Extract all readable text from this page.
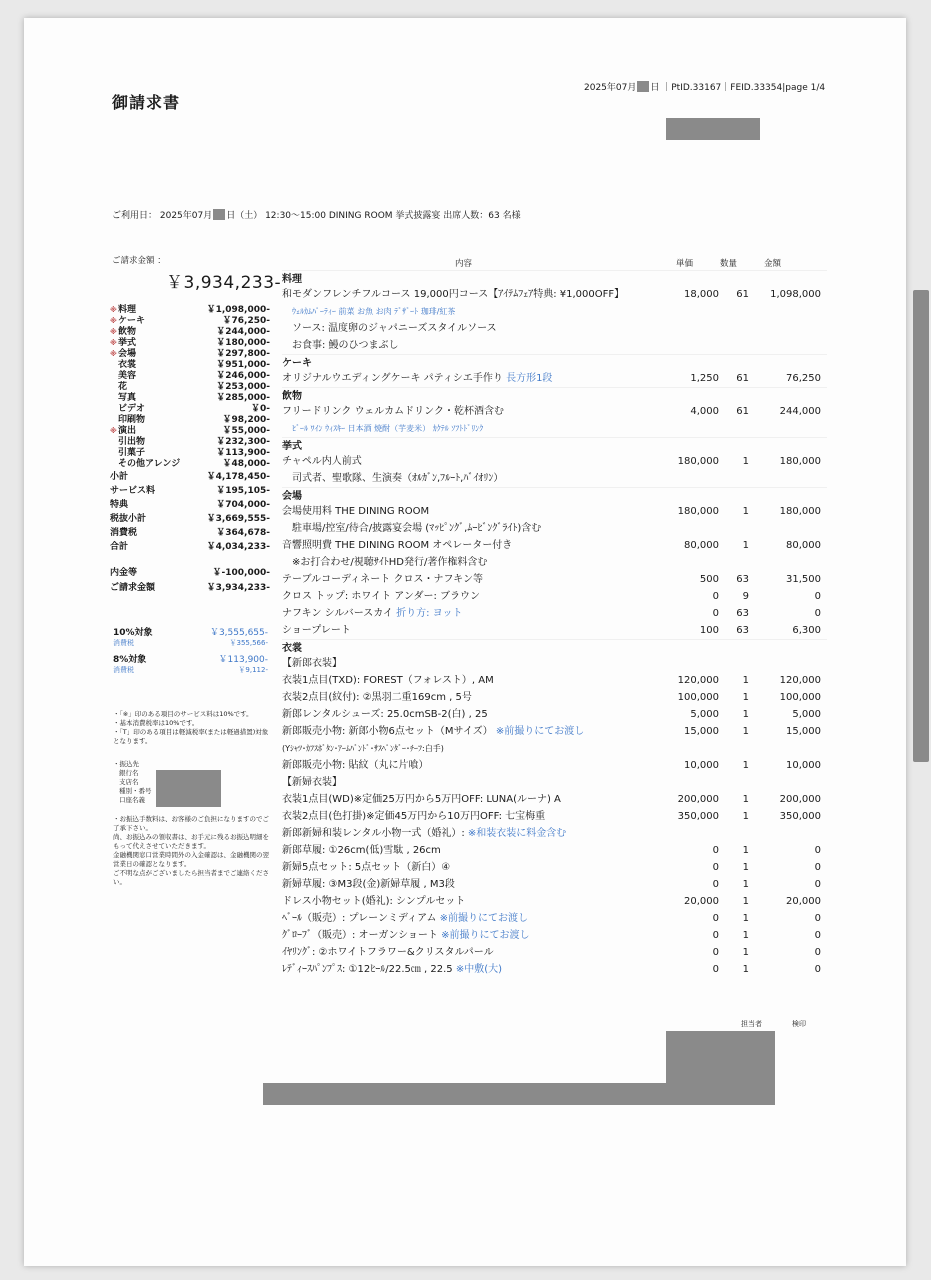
御請求書
2025年07月 日 ｜PtID.33167｜FEID.33354|page 1/4
ご利用日： 2025年07月 日（土） 12:30～15:00 DINING ROOM 挙式披露宴 出席人数：63 名様
ご請求金額 ：
￥3,934,233-
※料理	￥1,098,000-
※ケーキ	￥76,250-
※飲物	￥244,000-
※挙式	￥180,000-
※会場	￥297,800-
衣裳	￥951,000-
美容	￥246,000-
花	￥253,000-
写真	￥285,000-
ビデオ	￥0-
印刷物	￥98,200-
※演出	￥55,000-
引出物	￥232,300-
引菓子	￥113,900-
その他アレンジ	￥48,000-
小計	￥4,178,450-
サービス料	￥195,105-
特典	￥704,000-
税抜小計	￥3,669,555-
消費税	￥364,678-
合計	￥4,034,233-
内金等	￥-100,000-
ご請求金額	￥3,934,233-
10%対象	￥3,555,655-
消費税	￥355,566-
8%対象	￥113,900-
消費税	￥9,112-
・「※」印のある項目のサービス料は10%です。
・基本消費税率は10%です。
・「T」印のある項目は軽減税率(または軽過措置)対象となります。
・振込先
銀行名
支店名
種別・番号
口座名義
・お振込手数料は、お客様のご負担になりますのでご了承下さい。
尚、お振込みの領収書は、お手元に残るお振込明細をもって代えさせていただきます。
金融機関窓口営業時間外の入金確認は、金融機関の翌営業日の確認となります。
ご不明な点がございましたら担当者までご連絡ください。
内容	単価	数量	金額
料理
和モダンフレンチフルコース 19,000円コース【ｱｲﾃﾑﾌｪｱ特典: ¥1,000OFF】	18,000 61 1,098,000
ｳｪﾙｶﾑﾊﾟｰﾃｨｰ 前菜 お魚 お肉 ﾃﾞｻﾞｰﾄ 珈琲/紅茶
ソース: 温度卵のジャパニーズスタイルソース
お食事: 鰻のひつまぶし
ケーキ
オリジナルウエディングケーキ パティシエ手作り 長方形1段	1,250 61	76,250
飲物
フリードリンク ウェルカムドリンク・乾杯酒含む	4,000 61	244,000
ﾋﾞｰﾙ ﾜｲﾝ ｳｨｽｷｰ 日本酒 焼酎（芋麦米） ｶｸﾃﾙ ｿﾌﾄﾄﾞﾘﾝｸ
挙式
チャペル内人前式	180,000 1	180,000
司式者、聖歌隊、生演奏（ｵﾙｶﾞﾝ,ﾌﾙｰﾄ,ﾊﾞｲｵﾘﾝ）
会場
会場使用料 THE DINING ROOM	180,000 1	180,000
駐車場/控室/待合/披露宴会場 (ﾏｯﾋﾟﾝｸﾞ,ﾑｰﾋﾞﾝｸﾞﾗｲﾄ)含む
音響照明費 THE DINING ROOM オペレーター付き	80,000 1	80,000
※お打合わせ/視聴ｻｲﾄHD発行/著作権料含む
テーブルコーディネート クロス・ナフキン等	500 63	31,500
クロス トップ: ホワイト アンダー: ブラウン	0 9	0
ナフキン シルバースカイ 折り方: ヨット	0 63	0
ショープレート	100 63	6,300
衣裳
【新郎衣装】
衣装1点目(TXD): FOREST（フォレスト）, AM	120,000 1	120,000
衣装2点目(紋付): ②黒羽二重169cm , 5号	100,000 1	100,000
新郎レンタルシューズ: 25.0cmSB-2(白) , 25	5,000 1	5,000
新郎販売小物: 新郎小物6点セット（Mサイズ） ※前撮りにてお渡し	15,000 1	15,000
(Yｼｬﾂ･ｶﾌｽﾎﾞﾀﾝ･ｱｰﾑﾊﾞﾝﾄﾞ･ｻｽﾍﾟﾝﾀﾞｰ･ﾁｰﾌ:白手)
新郎販売小物: 貼紋（丸に片喰）	10,000 1	10,000
【新婦衣装】
衣装1点目(WD)※定価25万円から5万円OFF: LUNA(ルーナ) A	200,000 1	200,000
衣装2点目(色打掛)※定価45万円から10万円OFF: 七宝梅重	350,000 1	350,000
新郎新婦和装レンタル小物一式（婚礼）: ※和装衣装に料金含む
新郎草履: ①26cm(低)雪駄 , 26cm	0 1	0
新婦5点セット: 5点セット（新白）④	0 1	0
新婦草履: ③M3段(金)新婦草履 , M3段	0 1	0
ドレス小物セット(婚礼): シンプルセット	20,000 1	20,000
ﾍﾞｰﾙ（販売）: プレーンミディアム ※前撮りにてお渡し	0 1	0
ｸﾞﾛｰﾌﾞ（販売）: オーガンショート ※前撮りにてお渡し	0 1	0
ｲﾔﾘﾝｸﾞ: ②ホワイトフラワー&クリスタルパール	0 1	0
ﾚﾃﾞｨｰｽﾊﾟﾝﾌﾟｽ: ①12ﾋｰﾙ/22.5㎝ , 22.5 ※中敷(大)	0 1	0
担当者	検印
